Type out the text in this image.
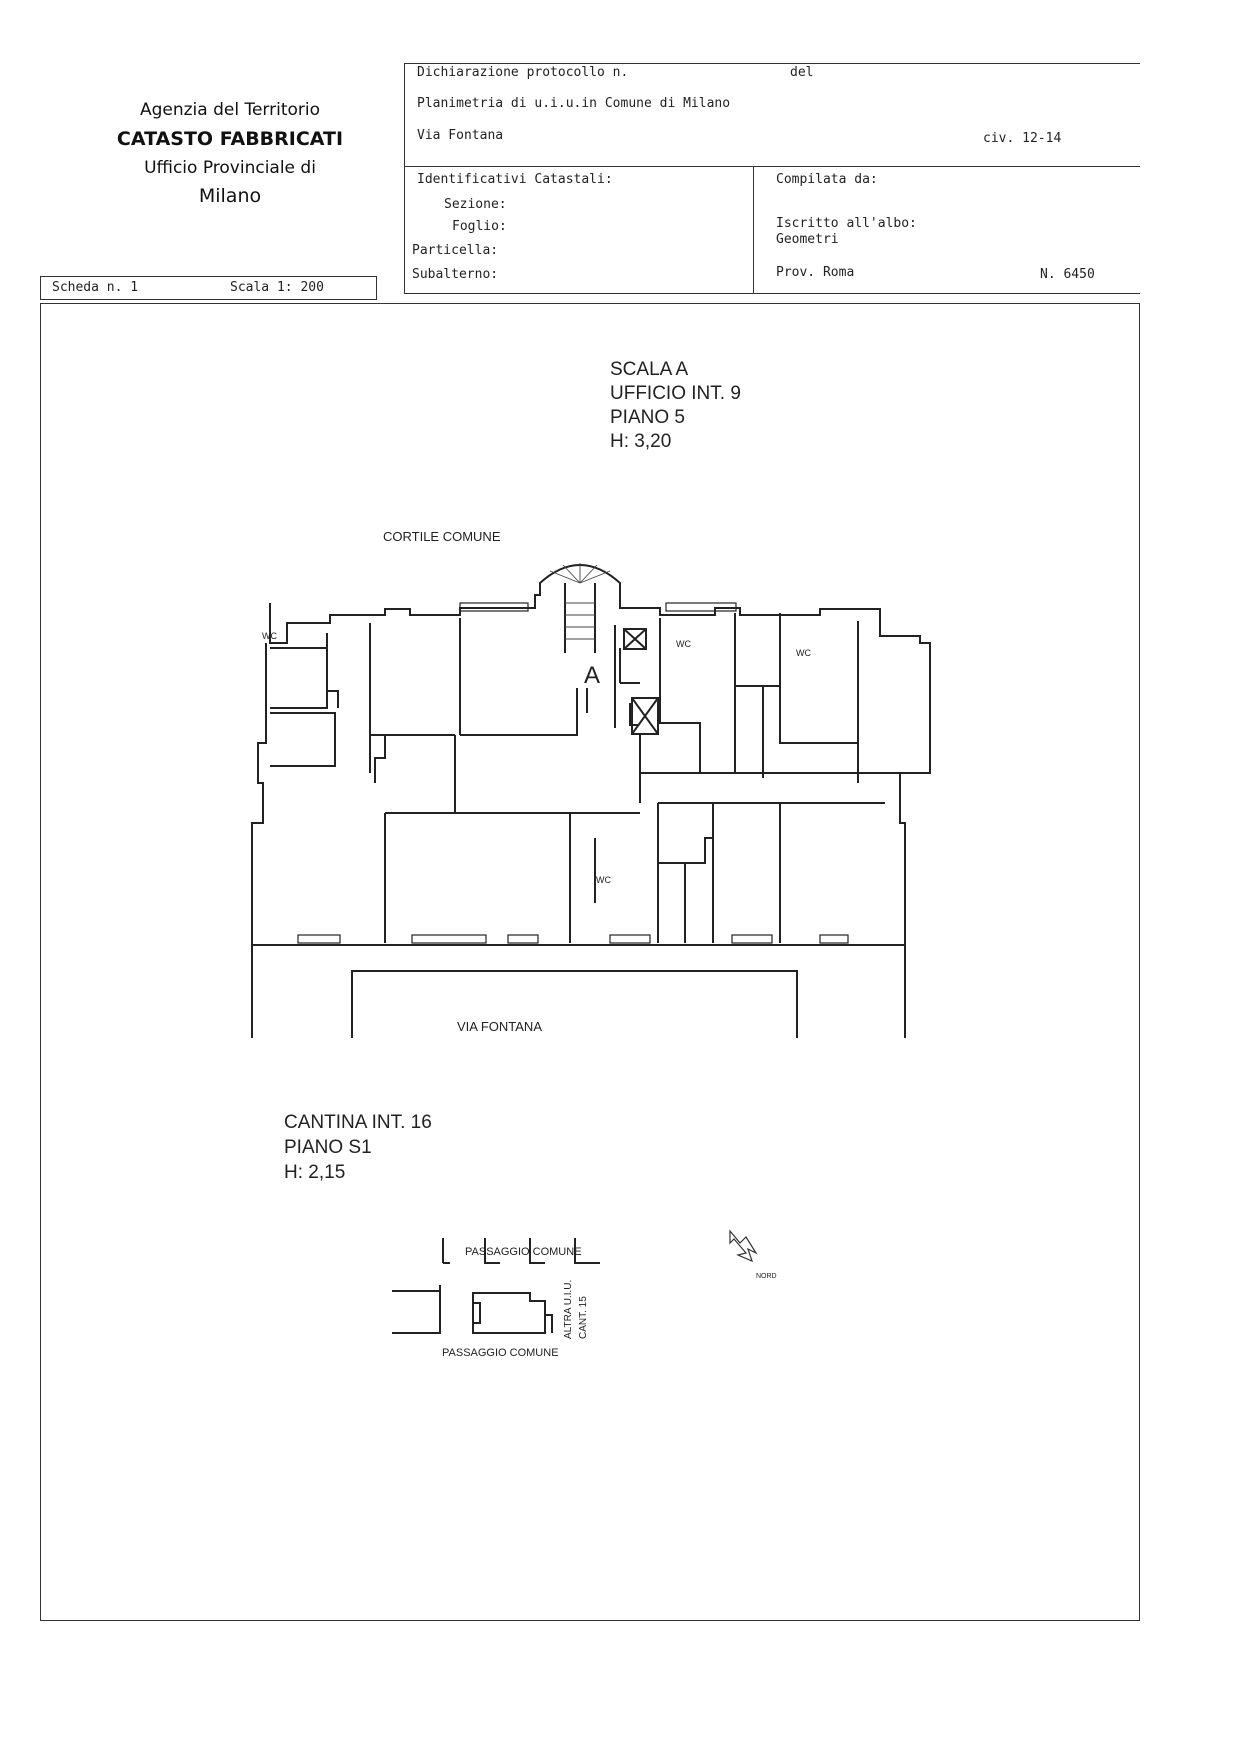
Agenzia del Territorio
CATASTO FABBRICATI
Ufficio Provinciale di
Milano
Dichiarazione protocollo n.	del
Planimetria di u.i.u.in Comune di Milano
Via Fontana	civ. 12-14
Identificativi Catastali:
Sezione:
Foglio:
Particella:
Subalterno:
Compilata da:
Iscritto all'albo:
Geometri
Prov. Roma	N. 6450
Scheda n. 1	Scala 1: 200
SCALA A
UFFICIO INT. 9
PIANO 5
H: 3,20
CORTILE COMUNE
A
WC
WC
WC
WC
VIA FONTANA
CANTINA INT. 16
PIANO S1
H: 2,15
PASSAGGIO COMUNE
PASSAGGIO COMUNE
ALTRA U.I.U. CANT. 15
NORD
